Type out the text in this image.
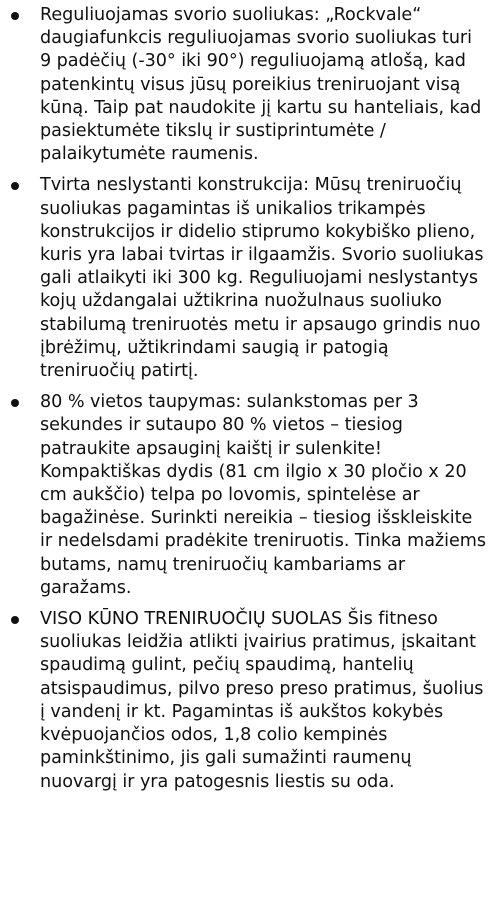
Reguliuojamas svorio suoliukas: „Rockvale“ daugiafunkcis reguliuojamas svorio suoliukas turi 9 padėčių (-30° iki 90°) reguliuojamą atlošą, kad patenkintų visus jūsų poreikius treniruojant visą kūną. Taip pat naudokite jį kartu su hanteliais, kad pasiektumėte tikslų ir sustiprintumėte / palaikytumėte raumenis.
Tvirta neslystanti konstrukcija: Mūsų treniruočių suoliukas pagamintas iš unikalios trikampės konstrukcijos ir didelio stiprumo kokybiško plieno, kuris yra labai tvirtas ir ilgaamžis. Svorio suoliukas gali atlaikyti iki 300 kg. Reguliuojami neslystantys kojų uždangalai užtikrina nuožulnaus suoliuko stabilumą treniruotės metu ir apsaugo grindis nuo įbrėžimų, užtikrindami saugią ir patogią treniruočių patirtį.
80 % vietos taupymas: sulankstomas per 3 sekundes ir sutaupo 80 % vietos – tiesiog patraukite apsauginį kaištį ir sulenkite! Kompaktiškas dydis (81 cm ilgio x 30 pločio x 20 cm aukščio) telpa po lovomis, spintelėse ar bagažinėse. Surinkti nereikia – tiesiog išskleiskite ir nedelsdami pradėkite treniruotis. Tinka mažiems butams, namų treniruočių kambariams ar garažams.
VISO KŪNO TRENIRUOČIŲ SUOLAS Šis fitneso suoliukas leidžia atlikti įvairius pratimus, įskaitant spaudimą gulint, pečių spaudimą, hantelių atsispaudimus, pilvo preso preso pratimus, šuolius į vandenį ir kt. Pagamintas iš aukštos kokybės kvėpuojančios odos, 1,8 colio kempinės paminkštinimo, jis gali sumažinti raumenų nuovargį ir yra patogesnis liestis su oda.
